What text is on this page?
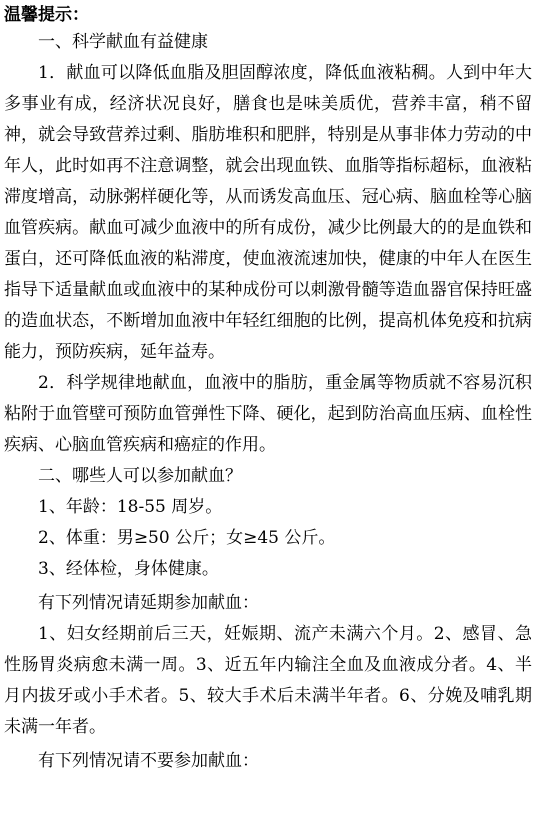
温馨提示：

一、科学献血有益健康

1．献血可以降低血脂及胆固醇浓度，降低血液粘稠。人到中年大多事业有成，经济状况良好，膳食也是味美质优，营养丰富，稍不留神，就会导致营养过剩、脂肪堆积和肥胖，特别是从事非体力劳动的中年人，此时如再不注意调整，就会出现血铁、血脂等指标超标，血液粘滞度增高，动脉粥样硬化等，从而诱发高血压、冠心病、脑血栓等心脑血管疾病。献血可减少血液中的所有成份，减少比例最大的的是血铁和蛋白，还可降低血液的粘滞度，使血液流速加快，健康的中年人在医生指导下适量献血或血液中的某种成份可以刺激骨髓等造血器官保持旺盛的造血状态，不断增加血液中年轻红细胞的比例，提高机体免疫和抗病能力，预防疾病，延年益寿。

2．科学规律地献血，血液中的脂肪，重金属等物质就不容易沉积粘附于血管壁可预防血管弹性下降、硬化，起到防治高血压病、血栓性疾病、心脑血管疾病和癌症的作用。

二、哪些人可以参加献血？

1、年龄：18-55 周岁。

2、体重：男≥50 公斤；女≥45 公斤。

3、经体检，身体健康。

有下列情况请延期参加献血：

1、妇女经期前后三天，妊娠期、流产未满六个月。2、感冒、急性肠胃炎病愈未满一周。3、近五年内输注全血及血液成分者。4、半月内拔牙或小手术者。5、较大手术后未满半年者。6、分娩及哺乳期未满一年者。

有下列情况请不要参加献血：
